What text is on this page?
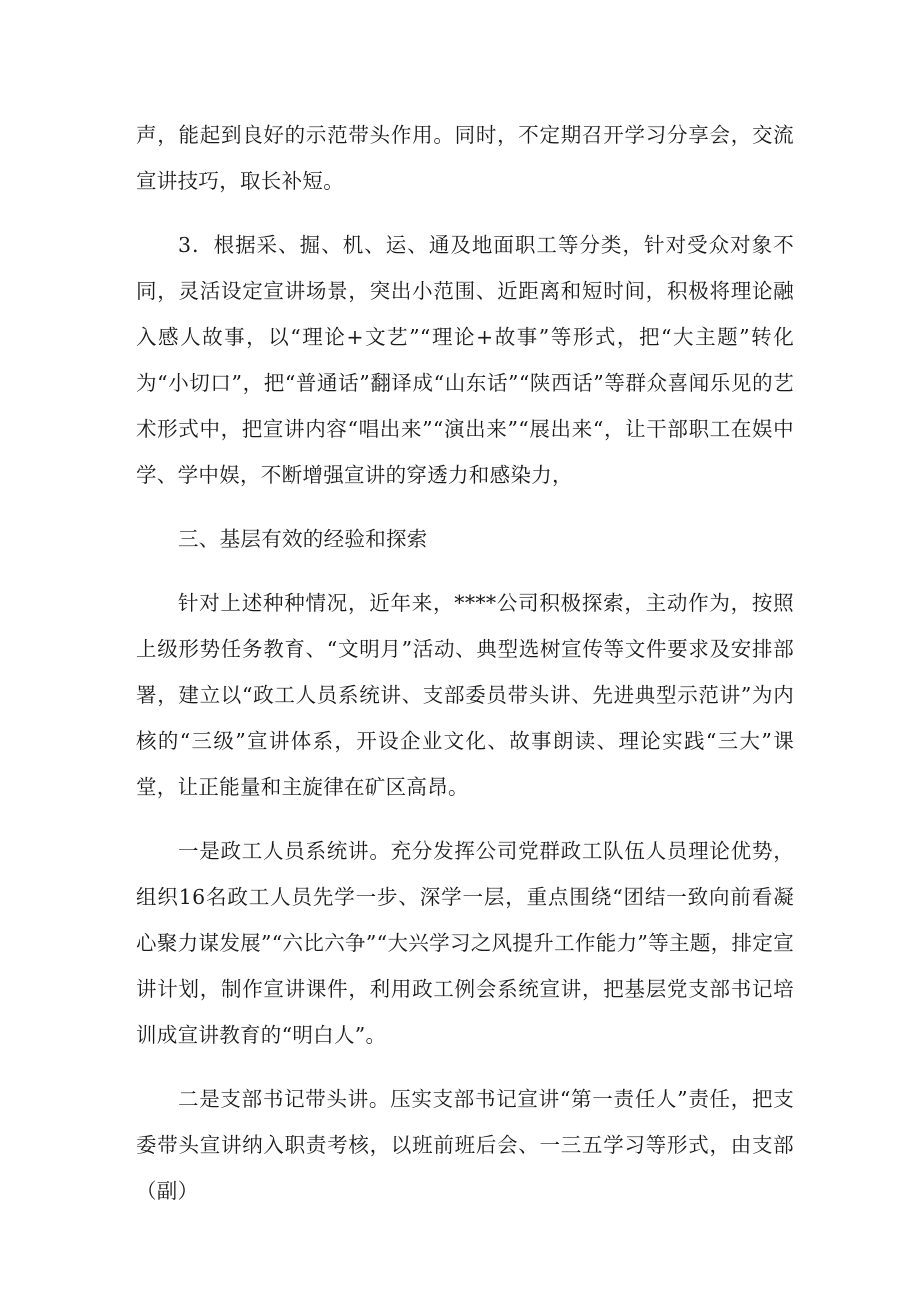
声，能起到良好的示范带头作用。同时，不定期召开学习分享会，交流宣讲技巧，取长补短。

3．根据采、掘、机、运、通及地面职工等分类，针对受众对象不同，灵活设定宣讲场景，突出小范围、近距离和短时间，积极将理论融入感人故事，以“理论+文艺”“理论+故事”等形式，把“大主题”转化为“小切口”，把“普通话”翻译成“山东话”“陕西话”等群众喜闻乐见的艺术形式中，把宣讲内容“唱出来”“演出来”“展出来“，让干部职工在娱中学、学中娱，不断增强宣讲的穿透力和感染力，

三、基层有效的经验和探索

针对上述种种情况，近年来，****公司积极探索，主动作为，按照上级形势任务教育、“文明月”活动、典型选树宣传等文件要求及安排部署，建立以“政工人员系统讲、支部委员带头讲、先进典型示范讲”为内核的“三级”宣讲体系，开设企业文化、故事朗读、理论实践“三大”课堂，让正能量和主旋律在矿区高昂。

一是政工人员系统讲。充分发挥公司党群政工队伍人员理论优势，组织16名政工人员先学一步、深学一层，重点围绕“团结一致向前看凝心聚力谋发展”“六比六争”“大兴学习之风提升工作能力”等主题，排定宣讲计划，制作宣讲课件，利用政工例会系统宣讲，把基层党支部书记培训成宣讲教育的“明白人”。

二是支部书记带头讲。压实支部书记宣讲“第一责任人”责任，把支委带头宣讲纳入职责考核，以班前班后会、一三五学习等形式，由支部（副）
